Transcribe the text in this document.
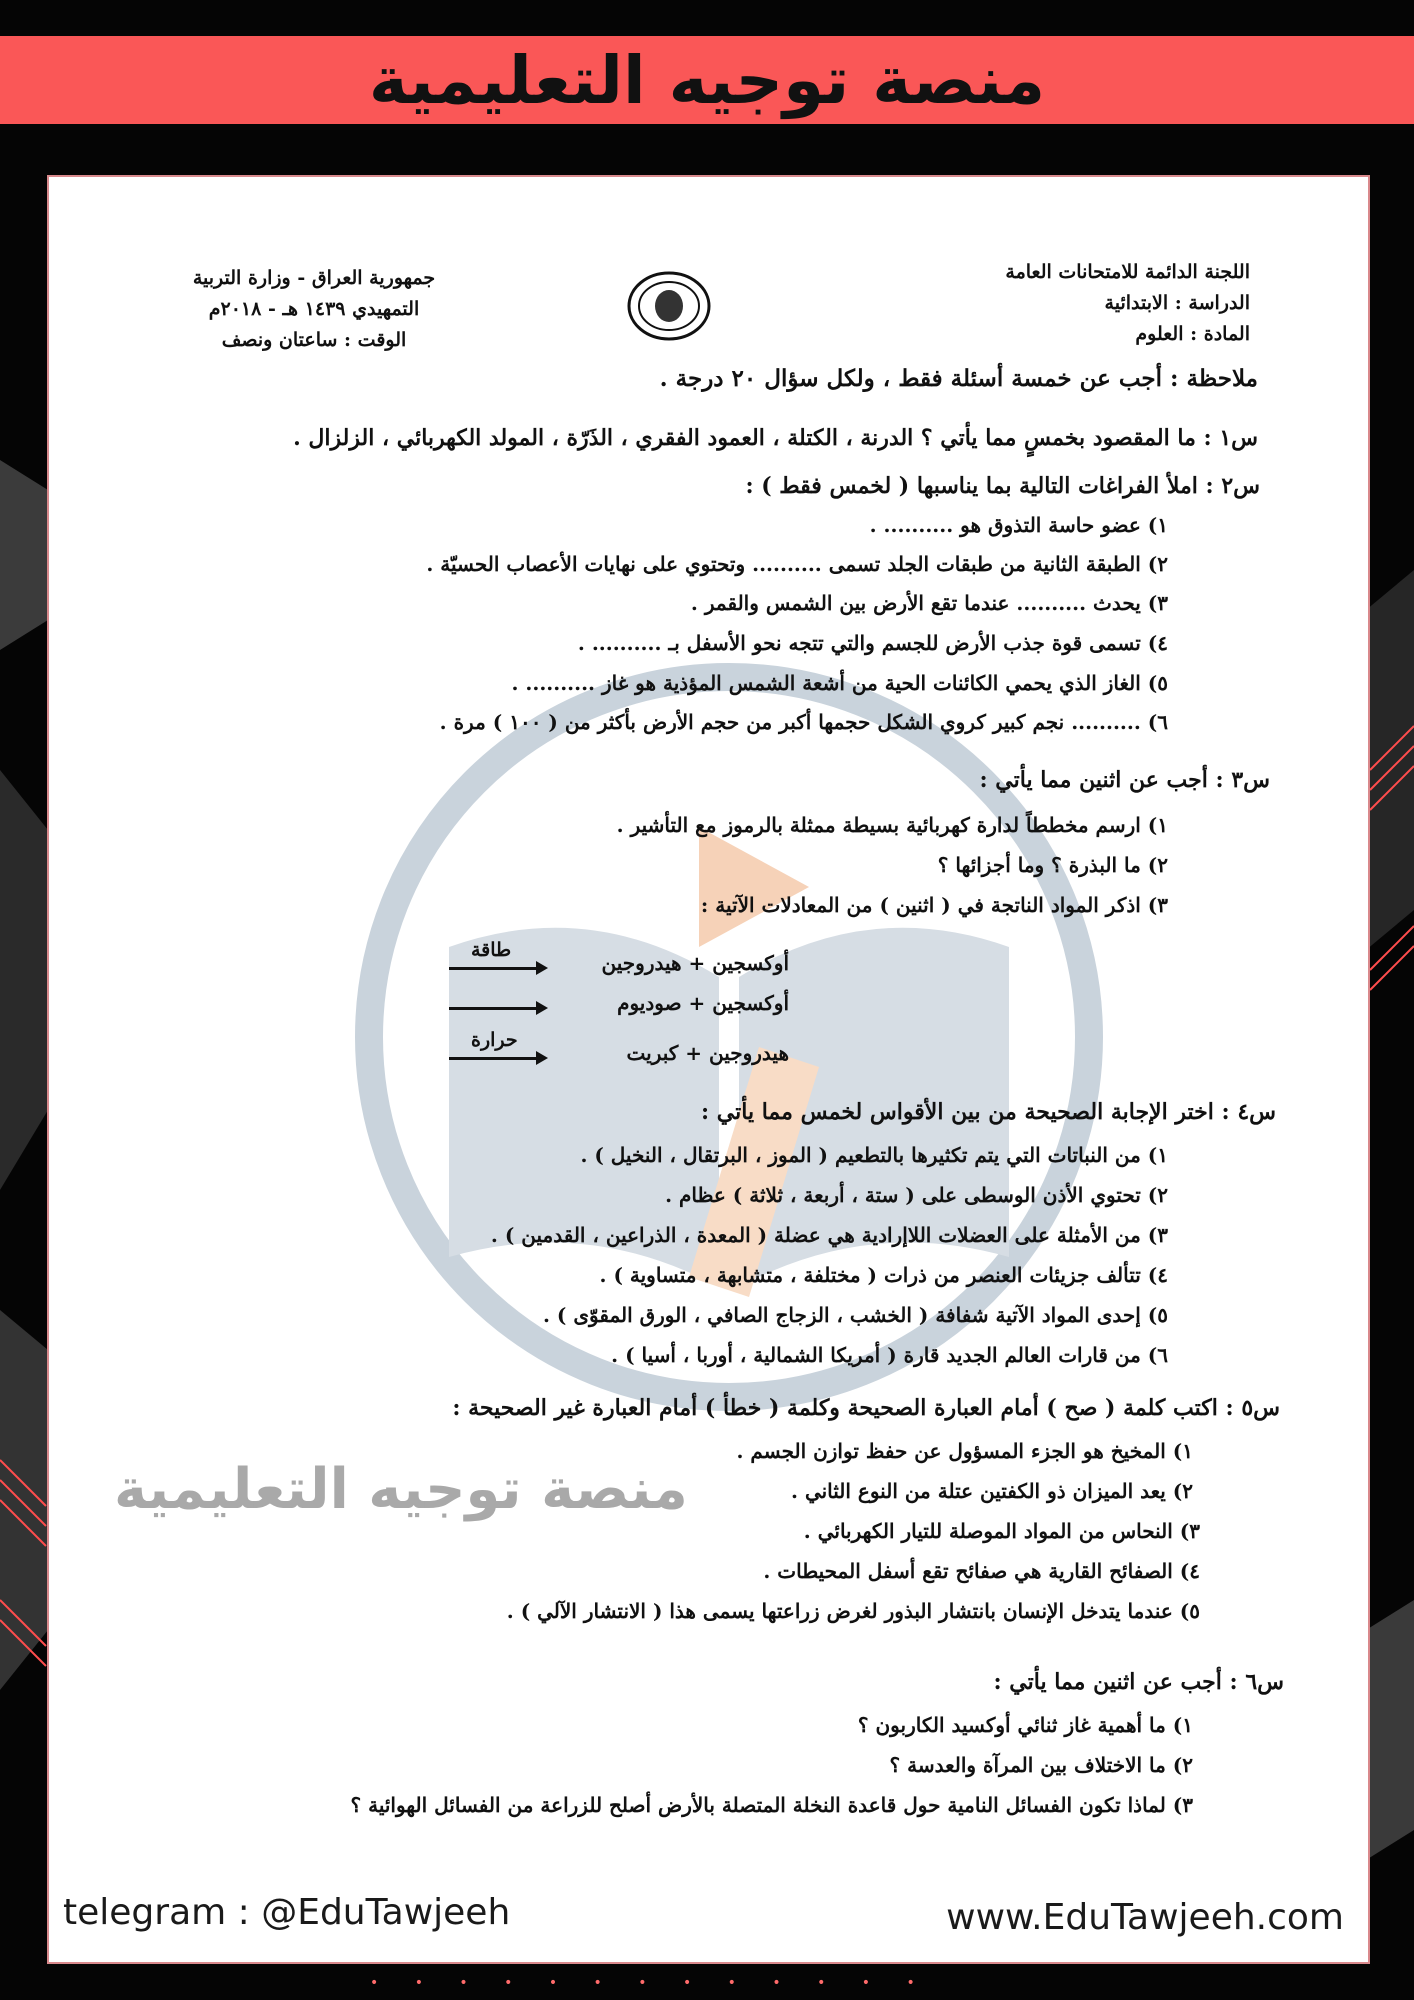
منصة توجيه التعليمية
اللجنة الدائمة للامتحانات العامة
الدراسة : الابتدائية
المادة : العلوم
جمهورية العراق - وزارة التربية
التمهيدي ١٤٣٩ هـ - ٢٠١٨م
الوقت : ساعتان ونصف
ملاحظة : أجب عن خمسة أسئلة فقط ، ولكل سؤال ٢٠ درجة .
س١ : ما المقصود بخمسٍ مما يأتي ؟ الدرنة ، الكتلة ، العمود الفقري ، الذَرّة ، المولد الكهربائي ، الزلزال .
س٢ : املأ الفراغات التالية بما يناسبها ( لخمس فقط ) :
١) عضو حاسة التذوق هو .......... .
٢) الطبقة الثانية من طبقات الجلد تسمى .......... وتحتوي على نهايات الأعصاب الحسيّة .
٣) يحدث .......... عندما تقع الأرض بين الشمس والقمر .
٤) تسمى قوة جذب الأرض للجسم والتي تتجه نحو الأسفل بـ .......... .
٥) الغاز الذي يحمي الكائنات الحية من أشعة الشمس المؤذية هو غاز .......... .
٦) .......... نجم كبير كروي الشكل حجمها أكبر من حجم الأرض بأكثر من ( ١٠٠ ) مرة .
س٣ : أجب عن اثنين مما يأتي :
١) ارسم مخططاً لدارة كهربائية بسيطة ممثلة بالرموز مع التأشير .
٢) ما البذرة ؟ وما أجزائها ؟
٣) اذكر المواد الناتجة في ( اثنين ) من المعادلات الآتية :
طاقة
أوكسجين + هيدروجين
أوكسجين + صوديوم
حرارة
هيدروجين + كبريت
س٤ : اختر الإجابة الصحيحة من بين الأقواس لخمس مما يأتي :
١) من النباتات التي يتم تكثيرها بالتطعيم ( الموز ، البرتقال ، النخيل ) .
٢) تحتوي الأذن الوسطى على ( ستة ، أربعة ، ثلاثة ) عظام .
٣) من الأمثلة على العضلات اللاإرادية هي عضلة ( المعدة ، الذراعين ، القدمين ) .
٤) تتألف جزيئات العنصر من ذرات ( مختلفة ، متشابهة ، متساوية ) .
٥) إحدى المواد الآتية شفافة ( الخشب ، الزجاج الصافي ، الورق المقوّى ) .
٦) من قارات العالم الجديد قارة ( أمريكا الشمالية ، أوربا ، أسيا ) .
س٥ : اكتب كلمة ( صح ) أمام العبارة الصحيحة وكلمة ( خطأ ) أمام العبارة غير الصحيحة :
١) المخيخ هو الجزء المسؤول عن حفظ توازن الجسم .
٢) يعد الميزان ذو الكفتين عتلة من النوع الثاني .
٣) النحاس من المواد الموصلة للتيار الكهربائي .
٤) الصفائح القارية هي صفائح تقع أسفل المحيطات .
٥) عندما يتدخل الإنسان بانتشار البذور لغرض زراعتها يسمى هذا ( الانتشار الآلي ) .
س٦ : أجب عن اثنين مما يأتي :
١) ما أهمية غاز ثنائي أوكسيد الكاربون ؟
٢) ما الاختلاف بين المرآة والعدسة ؟
٣) لماذا تكون الفسائل النامية حول قاعدة النخلة المتصلة بالأرض أصلح للزراعة من الفسائل الهوائية ؟
منصة توجيه التعليمية
telegram : @EduTawjeeh	www.EduTawjeeh.com
• • • • • • • • • • • • •
